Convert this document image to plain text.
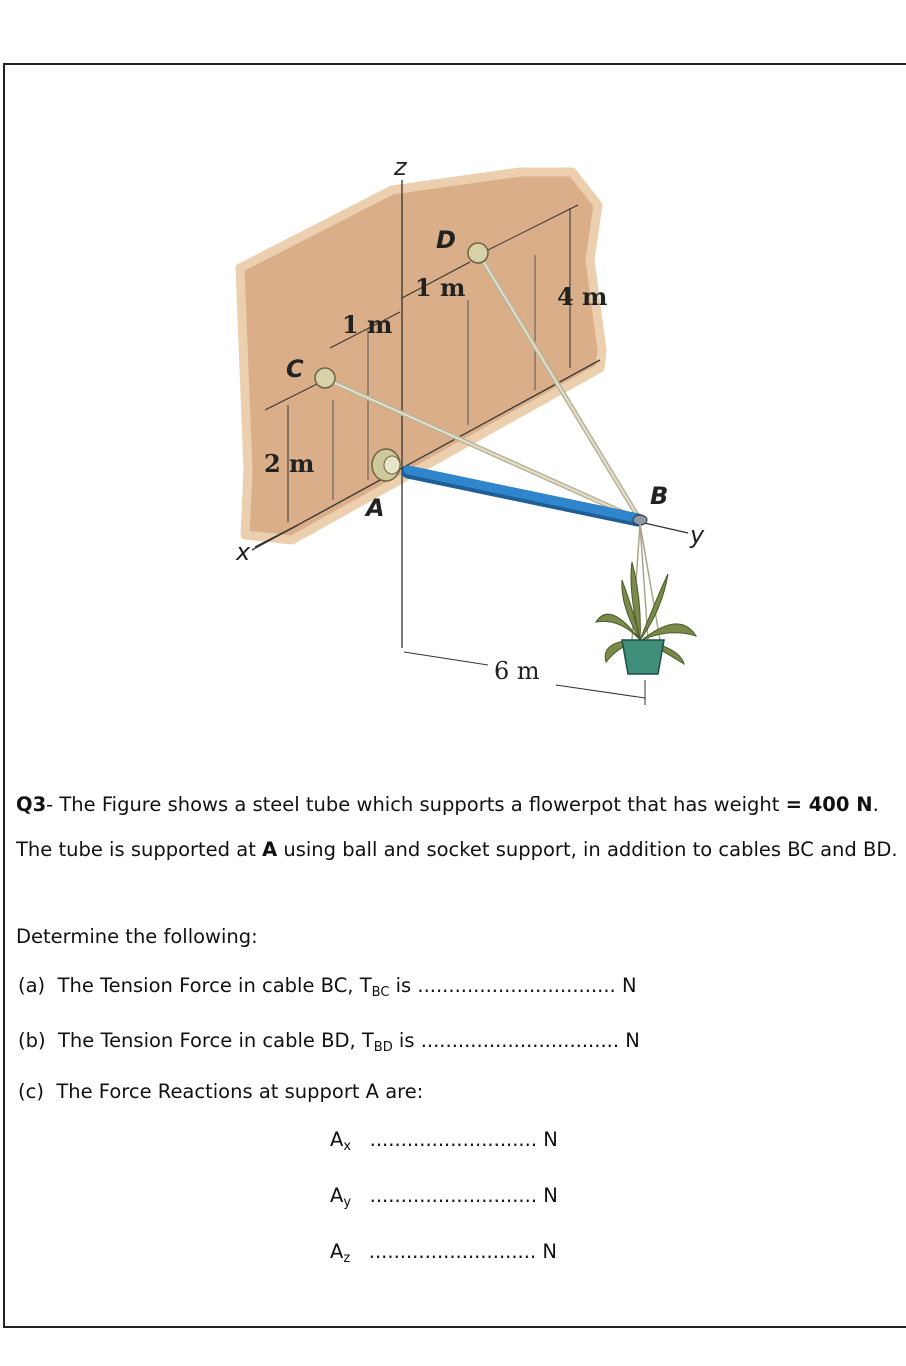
z
x
y
A	B
C
D
1 m
1 m	4 m
2 m
6 m
Q3- The Figure shows a steel tube which supports a flowerpot that has weight = 400 N.
The tube is supported at A using ball and socket support, in addition to cables BC and BD.
Determine the following:
(a) The Tension Force in cable BC, $T_{BC}$ is ................................ N
(b) The Tension Force in cable BD, $T_{BD}$ is ................................ N
(c) The Force Reactions at support A are:
$A_x$ ........................... N
$A_y$ ........................... N
$A_z$ ........................... N
